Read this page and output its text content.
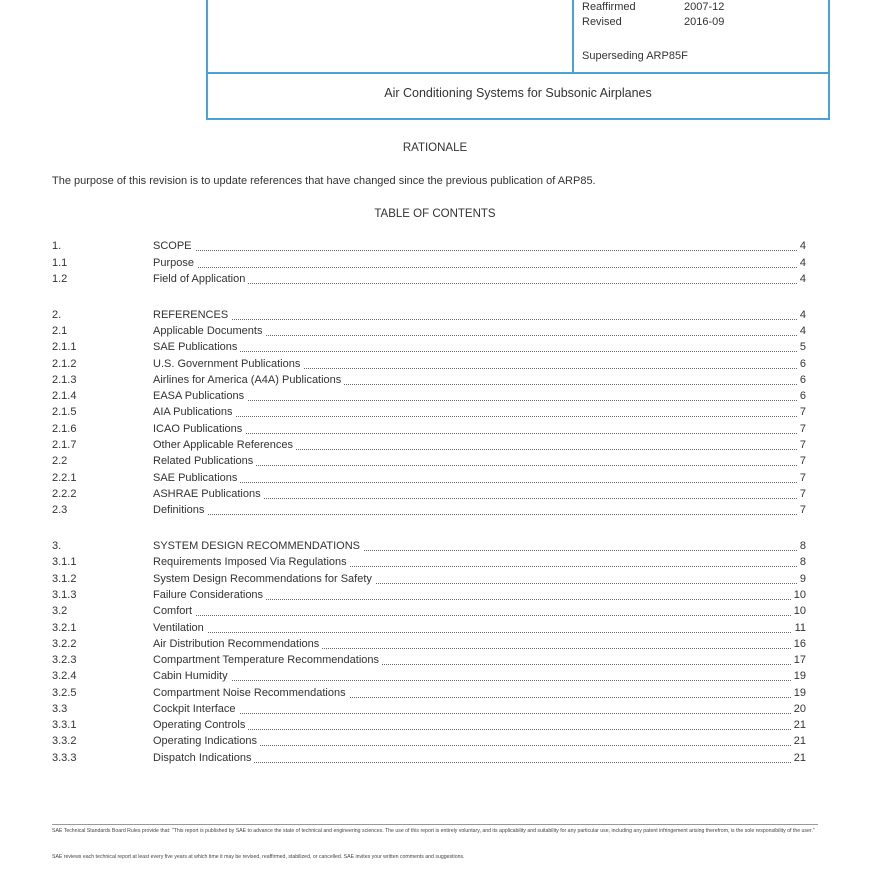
Reaffirmed	2007-12
Revised	2016-09
Superseding ARP85F
Air Conditioning Systems for Subsonic Airplanes
RATIONALE
The purpose of this revision is to update references that have changed since the previous publication of ARP85.
TABLE OF CONTENTS
1.	SCOPE	4
1.1	Purpose	4
1.2	Field of Application	4
2.	REFERENCES	4
2.1	Applicable Documents	4
2.1.1	SAE Publications	5
2.1.2	U.S. Government Publications	6
2.1.3	Airlines for America (A4A) Publications	6
2.1.4	EASA Publications	6
2.1.5	AIA Publications	7
2.1.6	ICAO Publications	7
2.1.7	Other Applicable References	7
2.2	Related Publications	7
2.2.1	SAE Publications	7
2.2.2	ASHRAE Publications	7
2.3	Definitions	7
3.	SYSTEM DESIGN RECOMMENDATIONS	8
3.1.1	Requirements Imposed Via Regulations	8
3.1.2	System Design Recommendations for Safety	9
3.1.3	Failure Considerations	10
3.2	Comfort	10
3.2.1	Ventilation	11
3.2.2	Air Distribution Recommendations	16
3.2.3	Compartment Temperature Recommendations	17
3.2.4	Cabin Humidity	19
3.2.5	Compartment Noise Recommendations	19
3.3	Cockpit Interface	20
3.3.1	Operating Controls	21
3.3.2	Operating Indications	21
3.3.3	Dispatch Indications	21
SAE Technical Standards Board Rules provide that: "This report is published by SAE to advance the state of technical and engineering sciences. The use of this report is entirely voluntary, and its applicability and suitability for any particular use, including any patent infringement arising therefrom, is the sole responsibility of the user."
SAE reviews each technical report at least every five years at which time it may be revised, reaffirmed, stabilized, or cancelled. SAE invites your written comments and suggestions.
